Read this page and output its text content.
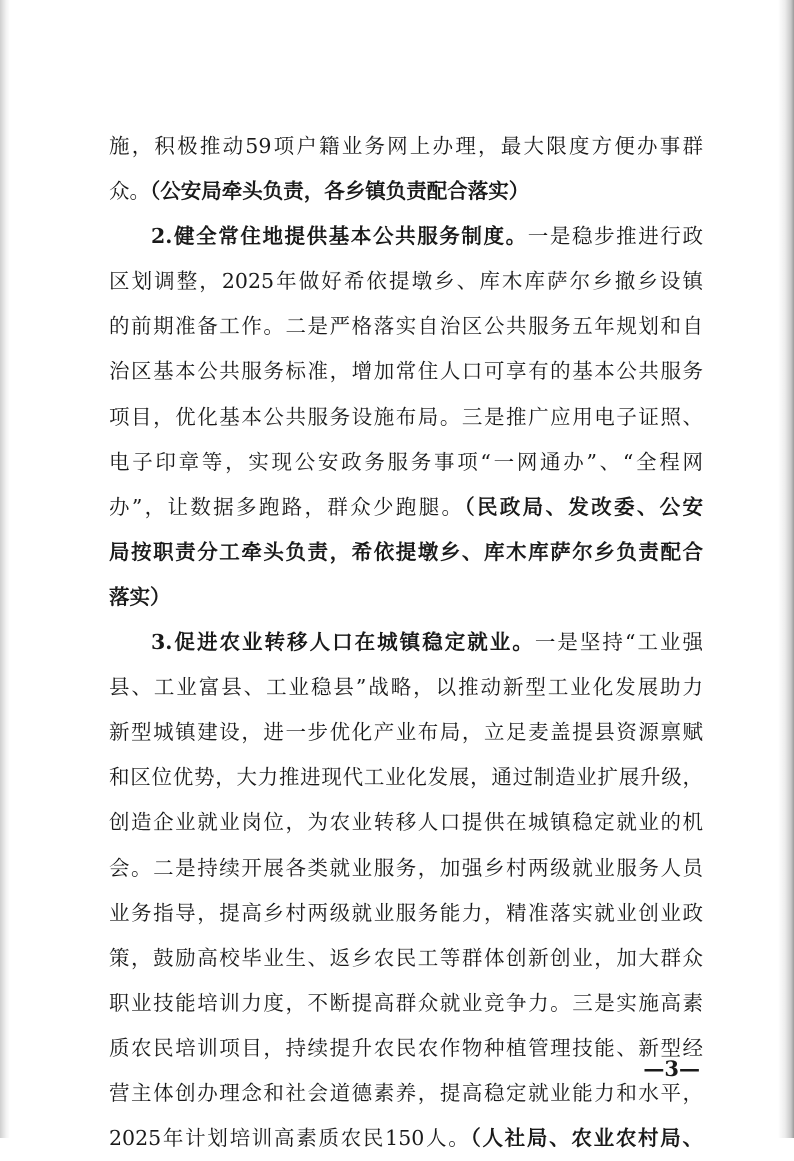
施，积极推动59项户籍业务网上办理，最大限度方便办事群
众。（公安局牵头负责，各乡镇负责配合落实）
2.健全常住地提供基本公共服务制度。一是稳步推进行政
区划调整，2025年做好希依提墩乡、库木库萨尔乡撤乡设镇
的前期准备工作。二是严格落实自治区公共服务五年规划和自
治区基本公共服务标准，增加常住人口可享有的基本公共服务
项目，优化基本公共服务设施布局。三是推广应用电子证照、
电子印章等，实现公安政务服务事项“一网通办”、“全程网
办”，让数据多跑路，群众少跑腿。（民政局、发改委、公安
局按职责分工牵头负责，希依提墩乡、库木库萨尔乡负责配合
落实）
3.促进农业转移人口在城镇稳定就业。一是坚持“工业强
县、工业富县、工业稳县”战略，以推动新型工业化发展助力
新型城镇建设，进一步优化产业布局，立足麦盖提县资源禀赋
和区位优势，大力推进现代工业化发展，通过制造业扩展升级，
创造企业就业岗位，为农业转移人口提供在城镇稳定就业的机
会。二是持续开展各类就业服务，加强乡村两级就业服务人员
业务指导，提高乡村两级就业服务能力，精准落实就业创业政
策，鼓励高校毕业生、返乡农民工等群体创新创业，加大群众
职业技能培训力度，不断提高群众就业竞争力。三是实施高素
质农民培训项目，持续提升农民农作物种植管理技能、新型经
营主体创办理念和社会道德素养，提高稳定就业能力和水平，
2025年计划培训高素质农民150人。（人社局、农业农村局、
—3—
